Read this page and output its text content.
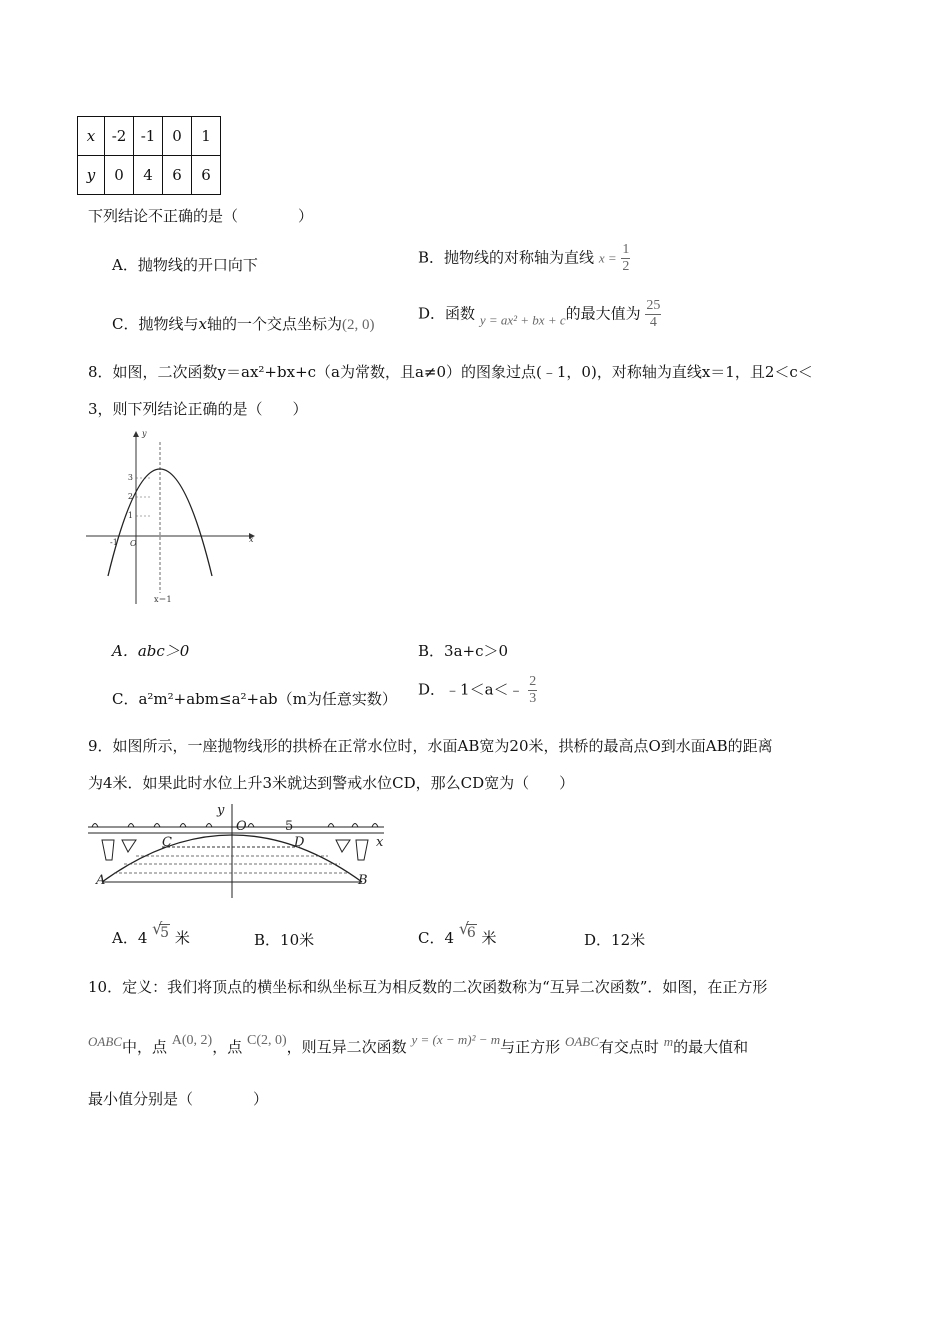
x	-2	-1	0	1
y	0	4	6	6
下列结论不正确的是（　　　　）
A．抛物线的开口向下	B．抛物线的对称轴为直线 $x = \frac{1}{2}$
C．抛物线与x轴的一个交点坐标为(2, 0)
D．函数 y = ax² + bx + c的最大值为 $\frac{25}{4}$
8．如图，二次函数y＝ax²+bx+c（a为常数，且a≠0）的图象过点(﹣1，0)，对称轴为直线x＝1，且2＜c＜
3，则下列结论正确的是（　　）
x
y
O
-1
1
2
3
x＝1
A．abc＞0	B．3a+c＞0
C．a²m²+abm≤a²+ab（m为任意实数）
D．﹣1＜a＜﹣ $\frac{2}{3}$
9．如图所示，一座抛物线形的拱桥在正常水位时，水面AB宽为20米，拱桥的最高点O到水面AB的距离
为4米．如果此时水位上升3米就达到警戒水位CD，那么CD宽为（　　）
y
x
O	5
C	D
A	B
A．4 √
5 米	B．10米	C．4 √
6 米	D．12米
10．定义：我们将顶点的横坐标和纵坐标互为相反数的二次函数称为“互异二次函数”．如图，在正方形
OABC中，点 A(0, 2)，点 C(2, 0)，则互异二次函数 y = (x − m)² − m与正方形 OABC有交点时 m的最大值和
最小值分别是（　　　　）
